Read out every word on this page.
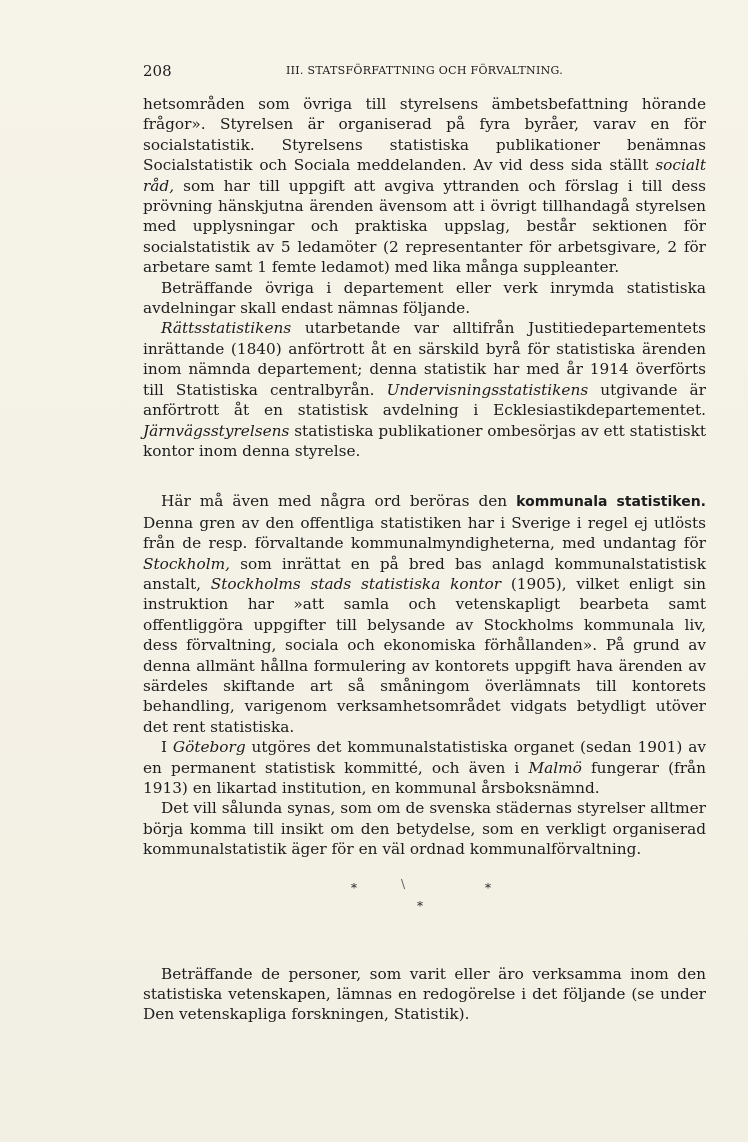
208	III. STATSFÖRFATTNING OCH FÖRVALTNING.

hetsområden som övriga till styrelsens ämbetsbefattning hörande frågor». Styrelsen är organiserad på fyra byråer, varav en för socialstatistik. Styrelsens statistiska publikationer benämnas Socialstatistik och Sociala meddelanden. Av vid dess sida ställt socialt råd, som har till uppgift att avgiva yttranden och förslag i till dess prövning hänskjutna ärenden ävensom att i övrigt tillhandagå styrelsen med upplysningar och praktiska uppslag, består sektionen för socialstatistik av 5 ledamöter (2 representanter för arbetsgivare, 2 för arbetare samt 1 femte ledamot) med lika många suppleanter.

Beträffande övriga i departement eller verk inrymda statistiska avdelningar skall endast nämnas följande.

Rättsstatistikens utarbetande var alltifrån Justitiedepartementets inrättande (1840) anförtrott åt en särskild byrå för statistiska ärenden inom nämnda departement; denna statistik har med år 1914 överförts till Statistiska centralbyrån. Undervisningsstatistikens utgivande är anförtrott åt en statistisk avdelning i Ecklesiastikdepartementet. Järnvägsstyrelsens statistiska publikationer ombesörjas av ett statistiskt kontor inom denna styrelse.

Här må även med några ord beröras den kommunala statistiken. Denna gren av den offentliga statistiken har i Sverige i regel ej utlösts från de resp. förvaltande kommunalmyndigheterna, med undantag för Stockholm, som inrättat en på bred bas anlagd kommunalstatistisk anstalt, Stockholms stads statistiska kontor (1905), vilket enligt sin instruktion har »att samla och vetenskapligt bearbeta samt offentliggöra uppgifter till belysande av Stockholms kommunala liv, dess förvaltning, sociala och ekonomiska förhållanden». På grund av denna allmänt hållna formulering av kontorets uppgift hava ärenden av särdeles skiftande art så småningom överlämnats till kontorets behandling, varigenom verksamhetsområdet vidgats betydligt utöver det rent statistiska.

I Göteborg utgöres det kommunalstatistiska organet (sedan 1901) av en permanent statistisk kommitté, och även i Malmö fungerar (från 1913) en likartad institution, en kommunal årsboksnämnd.

Det vill sålunda synas, som om de svenska städernas styrelser alltmer börja komma till insikt om den betydelse, som en verkligt organiserad kommunalstatistik äger för en väl ordnad kommunalförvaltning.

*	\	*
*

Beträffande de personer, som varit eller äro verksamma inom den statistiska vetenskapen, lämnas en redogörelse i det följande (se under Den vetenskapliga forskningen, Statistik).
